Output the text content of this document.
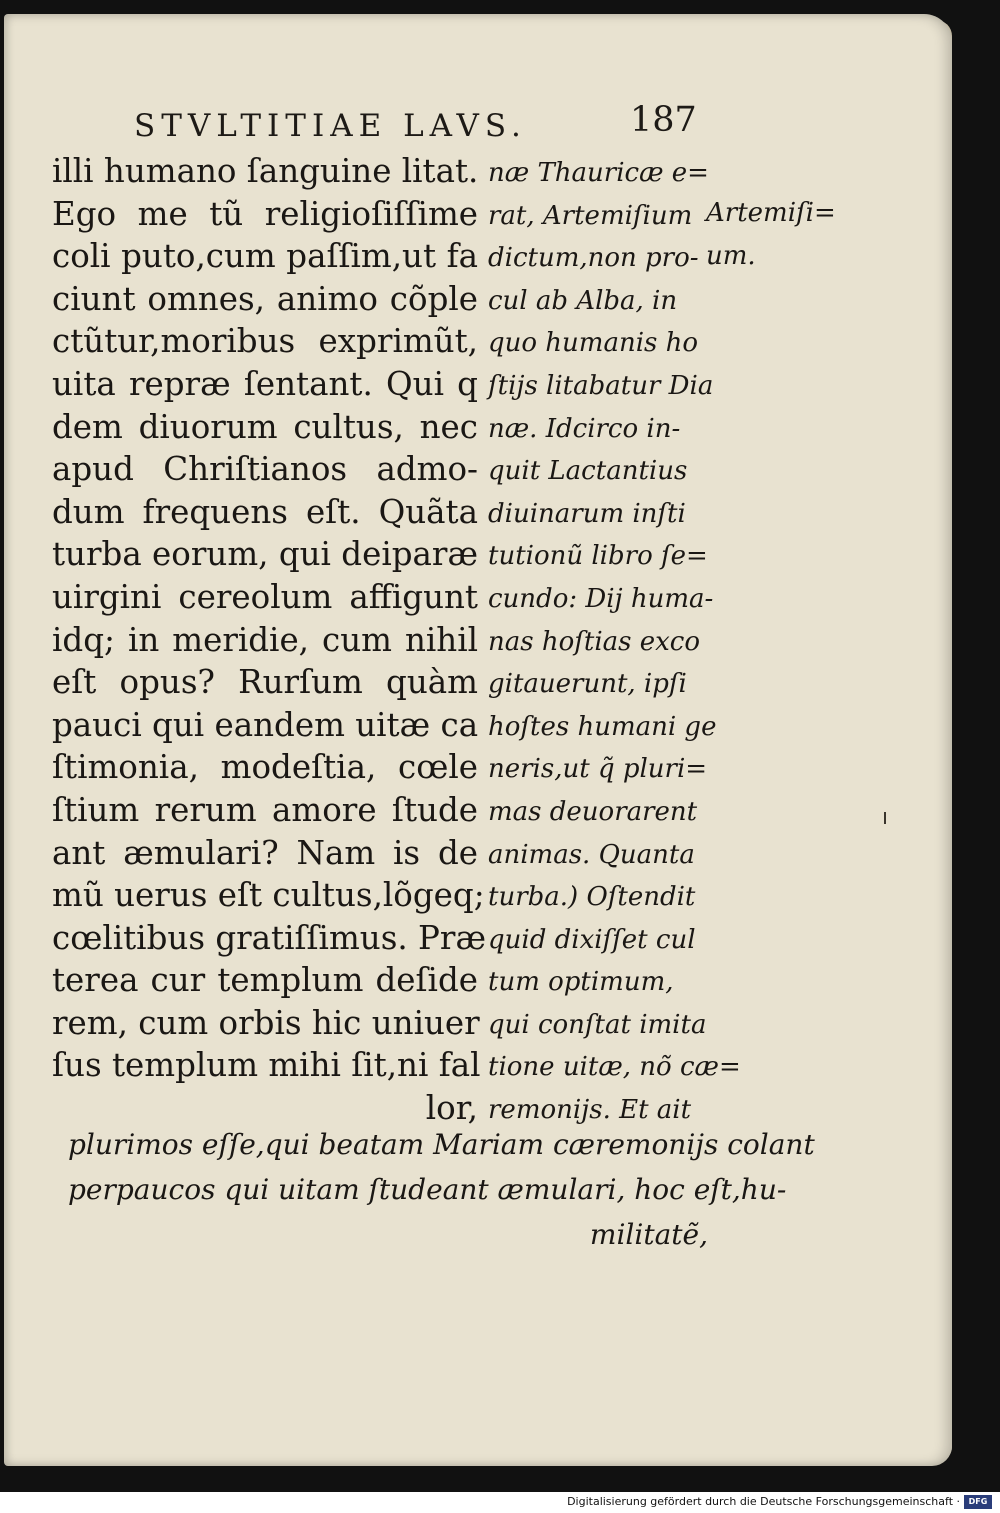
STVLTITIAE LAVS.	187
illi humano ſanguine litat.
Ego me tũ religioſiſſime
coli puto,cum paſſim,ut fa
ciunt omnes, animo cõple
ctũtur,moribus exprimũt,
uita repræ ſentant. Qui q
dem diuorum cultus, nec
apud Chriſtianos admo-
dum frequens eſt. Quãta
turba eorum, qui deiparæ
uirgini cereolum affigunt
idq; in meridie, cum nihil
eſt opus? Rurſum quàm
pauci qui eandem uitæ ca
ſtimonia, modeſtia, cœle
ſtium rerum amore ſtude
ant æmulari? Nam is de
mũ uerus eſt cultus,lõgeq;
cœlitibus gratiſſimus. Præ
terea cur templum deſide
rem, cum orbis hic uniuer
ſus templum mihi ſit,ni fal
lor,
næ Thauricæ e=
rat, Artemiſium
dictum,non pro-
cul ab Alba, in
quo humanis ho
ſtijs litabatur Dia
næ. Idcirco in-
quit Lactantius
diuinarum inſti
tutionũ libro ſe=
cundo: Dij huma-
nas hoſtias exco
gitauerunt, ipſi
hoſtes humani ge
neris,ut q̃ pluri=
mas deuorarent
animas. Quanta
turba.) Oſtendit
quid dixiſſet cul
tum optimum,
qui conſtat imita
tione uitæ, nõ cæ=
remonijs. Et ait
Artemiſi=
um.
plurimos eſſe,qui beatam Mariam cæremonijs colant
perpaucos qui uitam ſtudeant æmulari, hoc eſt,hu-
militatẽ,
Digitalisierung gefördert durch die Deutsche Forschungsgemeinschaft ·	DFG
